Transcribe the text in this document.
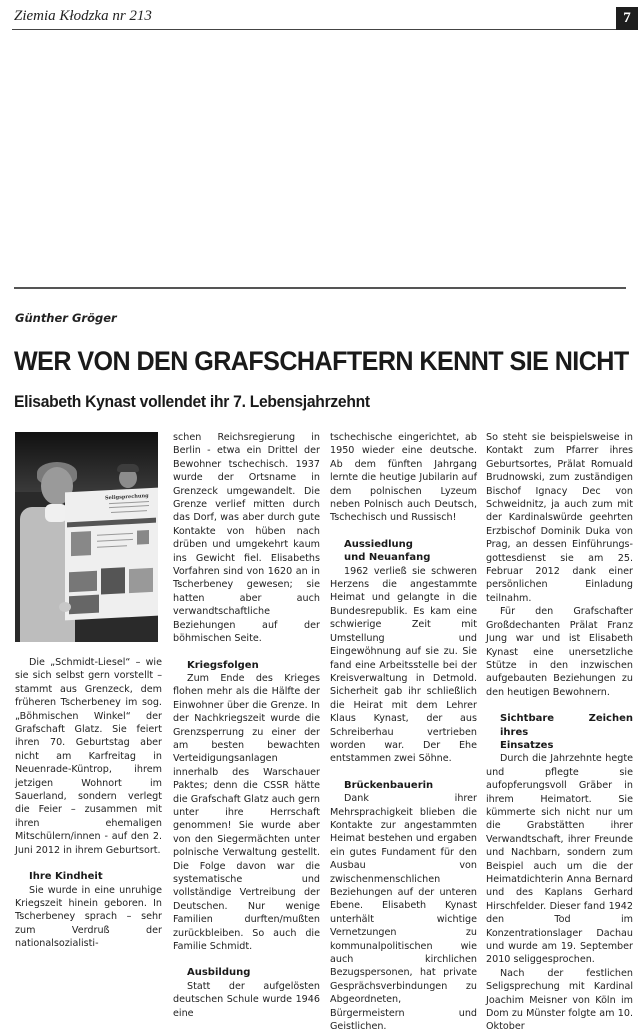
Ziemia Kłodzka nr 213	7
Günther Gröger
WER VON DEN GRAFSCHAFTERN KENNT SIE NICHT
Elisabeth Kynast vollendet ihr 7. Lebensjahrzehnt
Seligsprechung

Die „Schmidt-Liesel“ – wie sie sich selbst gern vorstellt – stammt aus Grenzeck, dem früheren Tscherbeney im sog. „Böhmischen Winkel“ der Grafschaft Glatz. Sie feiert ihren 70. Geburtstag aber nicht am Karfreitag in Neuenrade-Küntrop, ihrem jetzigen Wohnort im Sauerland, sondern verlegt die Feier – zusammen mit ihren ehemaligen Mitschülern/innen - auf den 2. Juni 2012 in ihrem Geburtsort.

Ihre Kindheit

Sie wurde in eine unruhige Kriegszeit hinein geboren. In Tscherbeney sprach – sehr zum Verdruß der nationalsozialisti-

schen Reichsregierung in Berlin - etwa ein Drittel der Bewohner tschechisch. 1937 wurde der Ortsname in Grenzeck umgewandelt. Die Grenze verlief mitten durch das Dorf, was aber durch gute Kontakte von hüben nach drüben und umgekehrt kaum ins Gewicht fiel. Elisabeths Vorfahren sind von 1620 an in Tscherbeney gewesen; sie hatten aber auch verwandtschaftliche Beziehungen auf der böhmischen Seite.

Kriegsfolgen

Zum Ende des Krieges flohen mehr als die Hälfte der Einwohner über die Grenze. In der Nachkriegszeit wurde die Grenzsperrung zu einer der am besten bewachten Verteidigungsanlagen innerhalb des Warschauer Paktes; denn die CSSR hätte die Grafschaft Glatz auch gern unter ihre Herrschaft genommen! Sie wurde aber von den Siegermächten unter polnische Verwaltung gestellt. Die Folge davon war die systematische und vollständige Vertreibung der Deutschen. Nur wenige Familien durften/mußten zurückbleiben. So auch die Familie Schmidt.

Ausbildung

Statt der aufgelösten deutschen Schule wurde 1946 eine

tschechische eingerichtet, ab 1950 wieder eine deutsche. Ab dem fünften Jahrgang lernte die heutige Jubilarin auf dem polnischen Lyzeum neben Polnisch auch Deutsch, Tschechisch und Russisch!

Aussiedlung
und Neuanfang

1962 verließ sie schweren Herzens die angestammte Heimat und gelangte in die Bundesrepublik. Es kam eine schwierige Zeit mit Umstellung und Eingewöhnung auf sie zu. Sie fand eine Arbeitsstelle bei der Kreisverwaltung in Detmold. Sicherheit gab ihr schließlich die Heirat mit dem Lehrer Klaus Kynast, der aus Schreiberhau vertrieben worden war. Der Ehe entstammen zwei Söhne.

Brückenbauerin

Dank ihrer Mehrsprachigkeit blieben die Kontakte zur angestammten Heimat bestehen und ergaben ein gutes Fundament für den Ausbau von zwischenmenschlichen Beziehungen auf der unteren Ebene. Elisabeth Kynast unterhält wichtige Vernetzungen zu kommunalpolitischen wie auch kirchlichen Bezugspersonen, hat private Gesprächsverbindungen zu Abgeordneten, Bürgermeistern und Geistlichen.

So steht sie beispielsweise in Kontakt zum Pfarrer ihres Geburtsortes, Prälat Romuald Brudnowski, zum zuständigen Bischof Ignacy Dec von Schweidnitz, ja auch zum mit der Kardinalswürde geehrten Erzbischof Dominik Duka von Prag, an dessen Einführungs-gottesdienst sie am 25. Februar 2012 dank einer persönlichen Einladung teilnahm.

Für den Grafschafter Großdechanten Prälat Franz Jung war und ist Elisabeth Kynast eine unersetzliche Stütze in den inzwischen aufgebauten Beziehungen zu den heutigen Bewohnern.

Sichtbare Zeichen ihres
Einsatzes

Durch die Jahrzehnte hegte und pflegte sie aufopferungsvoll Gräber in ihrem Heimatort. Sie kümmerte sich nicht nur um die Grabstätten ihrer Verwandtschaft, ihrer Freunde und Nachbarn, sondern zum Beispiel auch um die der Heimatdichterin Anna Bernard und des Kaplans Gerhard Hirschfelder. Dieser fand 1942 den Tod im Konzentrationslager Dachau und wurde am 19. September 2010 seliggesprochen.

Nach der festlichen Seligsprechung mit Kardinal Joachim Meisner von Köln im Dom zu Münster folgte am 10. Oktober
